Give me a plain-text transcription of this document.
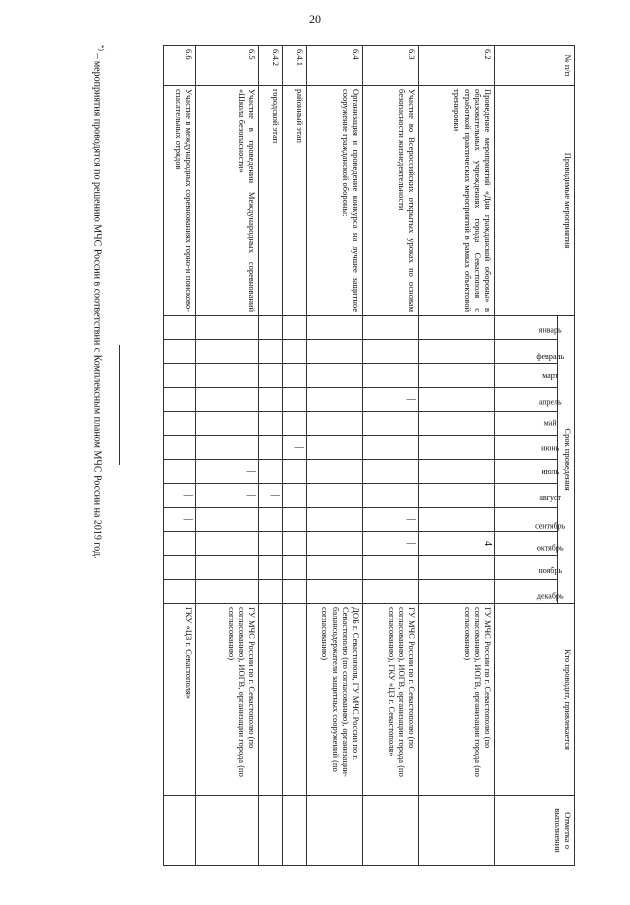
20
№ п/п	Проводимые мероприятия	Срок проведения												Кто проводит, привлекается	Отметка о выполнении
		январь	февраль	март	апрель	май	июнь	июль	август	сентябрь	октябрь	ноябрь	декабрь		
6.2	Проведение мероприятий «Дня гражданской обороны» в образовательных учреждениях города Севастополя с отработкой практических мероприятий в рамках объектовой тренировки										4			ГУ МЧС России по г. Севастополю (по согласованию), ИОГВ, организации города (по согласованию)	
6.3	Участие во Всероссийских открытых уроках по основам безопасности жизнедеятельности				|					|	|			ГУ МЧС России по г. Севастополю (по согласованию), ИОГВ, организации города (по согласованию), ГКУ «ЦЗ г. Севастополя»	
6.4	Организация и проведение конкурса на лучшее защитное сооружение гражданской обороны:													ДОБ г. Севастополя, ГУ МЧС России по г. Севастополю (по согласованию), организации-балансодержатели защитных сооружений (по согласованию)	
6.4.1	районный этап						|								
6.4.2	городской этап								|						
6.5	Участие в проведении Международных соревнований «Школа безопасности»							|	|					ГУ МЧС России по г. Севастополю (по согласованию), ИОГВ, организации города (по согласованию)	
6.6	Участие в международных соревнованиях горно-и поисково-спасательных отрядов								|	|				ГКУ «ЦЗ г. Севастополя»	
*) – мероприятия проводятся по решению МЧС России в соответствии с Комплексным планом МЧС России на 2019 год.
